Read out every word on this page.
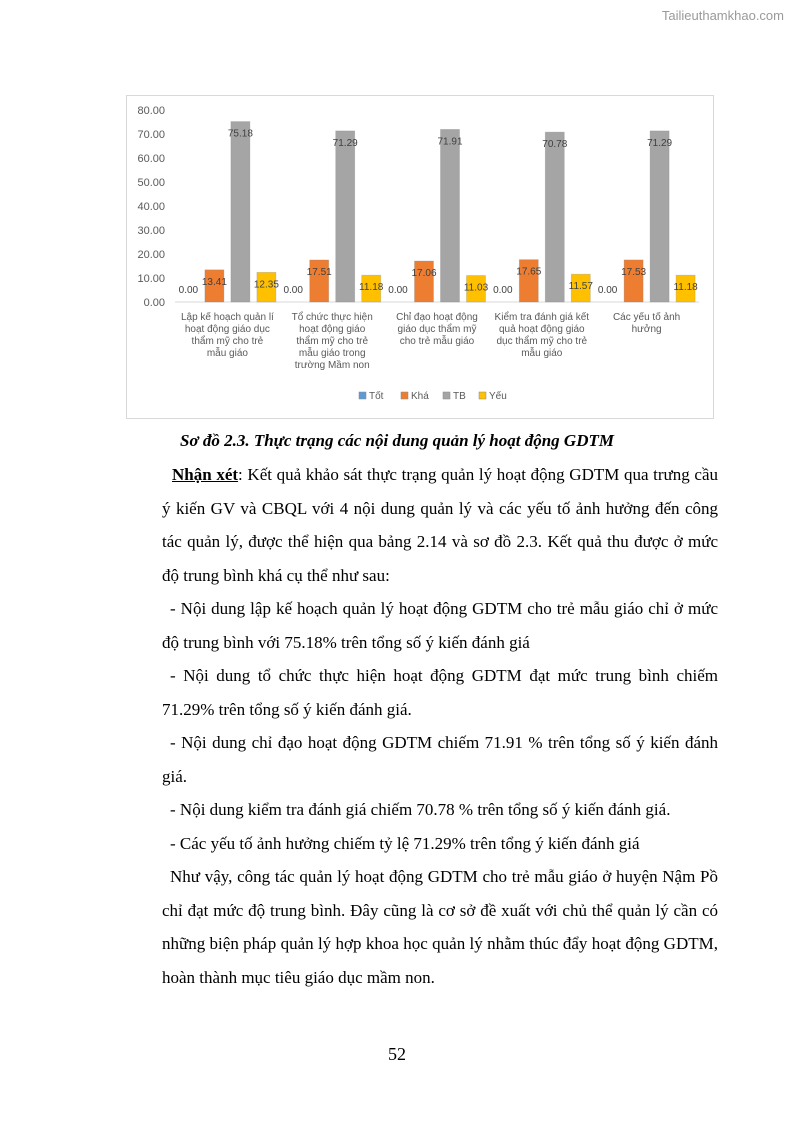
Tailieuthamkhao.com
0.00
10.00
20.00
30.00
40.00
50.00
60.00
70.00
80.00
0.00
13.41
75.18
12.35
Lập kế hoạch quản lí
hoạt động giáo dục
thẩm mỹ cho trẻ
mẫu giáo
0.00
17.51
71.29
11.18
Tổ chức thực hiện
hoạt động giáo
thẩm mỹ cho trẻ
mẫu giáo trong
trường Mầm non
0.00
17.06
71.91
11.03
Chỉ đạo hoạt động
giáo dục thẩm mỹ
cho trẻ mẫu giáo
0.00
17.65
70.78
11.57
Kiểm tra đánh giá kết
quả hoạt động giáo
dục thẩm mỹ cho trẻ
mẫu giáo
0.00
17.53
71.29
11.18
Các yếu tố ảnh
hưởng
Tốt	Khá TB Yếu
Sơ đồ 2.3. Thực trạng các nội dung quản lý hoạt động GDTM

Nhận xét: Kết quả khảo sát thực trạng quản lý hoạt động GDTM qua trưng cầu ý kiến GV và CBQL với 4 nội dung quản lý và các yếu tố ảnh hưởng đến công tác quản lý, được thể hiện qua bảng 2.14 và sơ đồ 2.3. Kết quả thu được ở mức độ trung bình khá cụ thể như sau:

- Nội dung lập kế hoạch quản lý hoạt động GDTM cho trẻ mẫu giáo chỉ ở mức độ trung bình với 75.18% trên tổng số ý kiến đánh giá

- Nội dung tổ chức thực hiện hoạt động GDTM đạt mức trung bình chiếm 71.29% trên tổng số ý kiến đánh giá.

- Nội dung chỉ đạo hoạt động GDTM chiếm 71.91 % trên tổng số ý kiến đánh giá.

- Nội dung kiểm tra đánh giá chiếm 70.78 % trên tổng số ý kiến đánh giá.

- Các yếu tố ảnh hưởng chiếm tỷ lệ 71.29% trên tổng ý kiến đánh giá

Như vậy, công tác quản lý hoạt động GDTM cho trẻ mẫu giáo ở huyện Nậm Pồ chỉ đạt mức độ trung bình. Đây cũng là cơ sở đề xuất với chủ thể quản lý cần có những biện pháp quản lý hợp khoa học quản lý nhằm thúc đẩy hoạt động GDTM, hoàn thành mục tiêu giáo dục mầm non.

52
